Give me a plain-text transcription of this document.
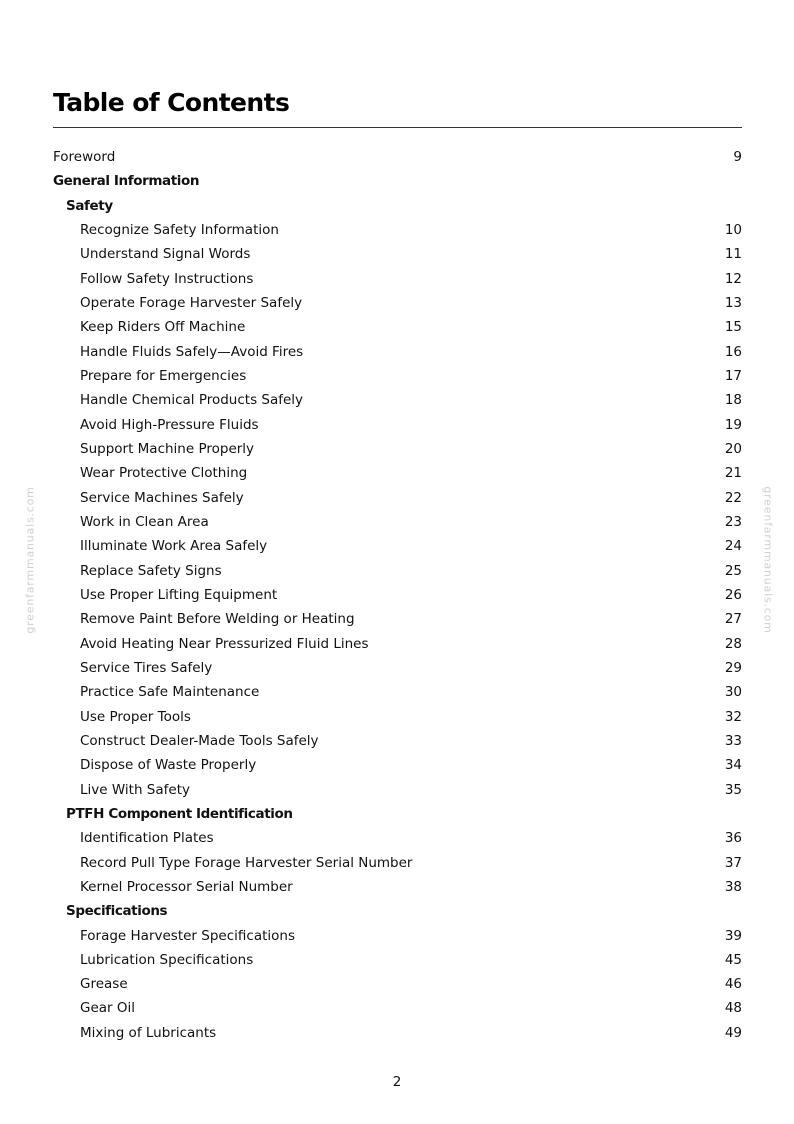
Table of Contents
Foreword	9
General Information
Safety
Recognize Safety Information	10
Understand Signal Words	11
Follow Safety Instructions	12
Operate Forage Harvester Safely	13
Keep Riders Off Machine	15
Handle Fluids Safely—Avoid Fires	16
Prepare for Emergencies	17
Handle Chemical Products Safely	18
Avoid High-Pressure Fluids	19
Support Machine Properly	20
Wear Protective Clothing	21
Service Machines Safely	22
Work in Clean Area	23
Illuminate Work Area Safely	24
Replace Safety Signs	25
Use Proper Lifting Equipment	26
Remove Paint Before Welding or Heating	27
Avoid Heating Near Pressurized Fluid Lines	28
Service Tires Safely	29
Practice Safe Maintenance	30
Use Proper Tools	32
Construct Dealer-Made Tools Safely	33
Dispose of Waste Properly	34
Live With Safety	35
PTFH Component Identification
Identification Plates	36
Record Pull Type Forage Harvester Serial Number	37
Kernel Processor Serial Number	38
Specifications
Forage Harvester Specifications	39
Lubrication Specifications	45
Grease	46
Gear Oil	48
Mixing of Lubricants	49
greenfarmmanuals.com	greenfarmmanuals.com
2
